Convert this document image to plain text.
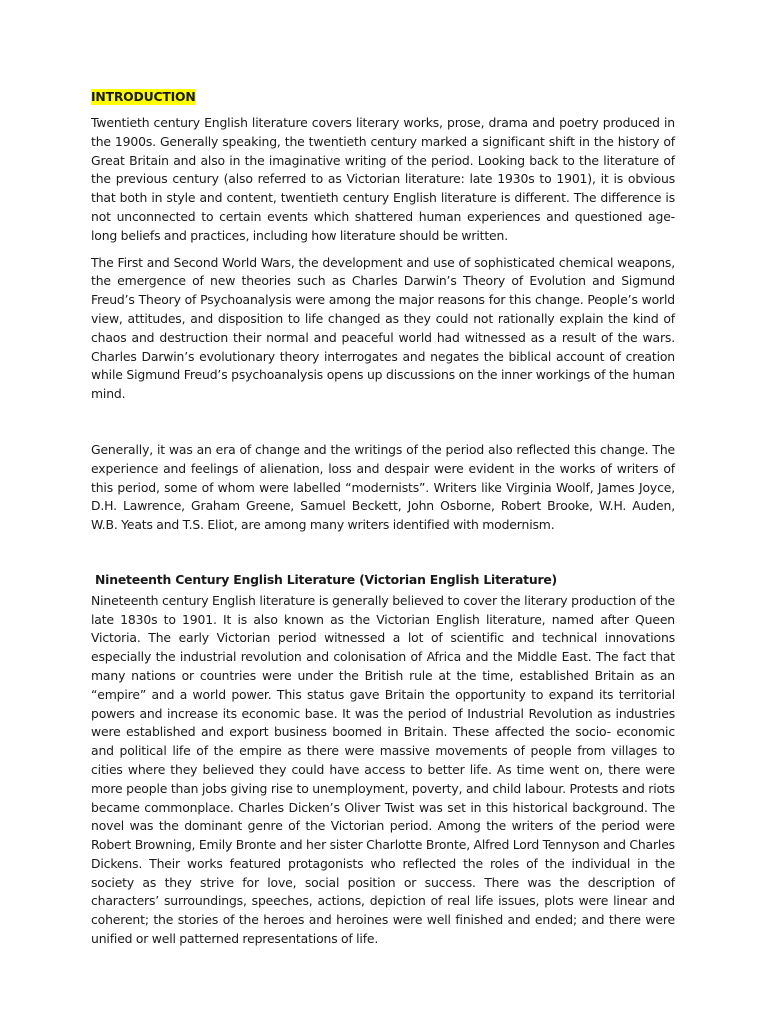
INTRODUCTION

Twentieth century English literature covers literary works, prose, drama and poetry produced in the 1900s. Generally speaking, the twentieth century marked a significant shift in the history of Great Britain and also in the imaginative writing of the period. Looking back to the literature of the previous century (also referred to as Victorian literature: late 1930s to 1901), it is obvious that both in style and content, twentieth century English literature is different. The difference is not unconnected to certain events which shattered human experiences and questioned age-long beliefs and practices, including how literature should be written.

The First and Second World Wars, the development and use of sophisticated chemical weapons, the emergence of new theories such as Charles Darwin’s Theory of Evolution and Sigmund Freud’s Theory of Psychoanalysis were among the major reasons for this change. People’s world view, attitudes, and disposition to life changed as they could not rationally explain the kind of chaos and destruction their normal and peaceful world had witnessed as a result of the wars. Charles Darwin’s evolutionary theory interrogates and negates the biblical account of creation while Sigmund Freud’s psychoanalysis opens up discussions on the inner workings of the human mind.

Generally, it was an era of change and the writings of the period also reflected this change. The experience and feelings of alienation, loss and despair were evident in the works of writers of this period, some of whom were labelled “modernists”. Writers like Virginia Woolf, James Joyce, D.H. Lawrence, Graham Greene, Samuel Beckett, John Osborne, Robert Brooke, W.H. Auden, W.B. Yeats and T.S. Eliot, are among many writers identified with modernism.

Nineteenth Century English Literature (Victorian English Literature)

Nineteenth century English literature is generally believed to cover the literary production of the late 1830s to 1901. It is also known as the Victorian English literature, named after Queen Victoria. The early Victorian period witnessed a lot of scientific and technical innovations especially the industrial revolution and colonisation of Africa and the Middle East. The fact that many nations or countries were under the British rule at the time, established Britain as an “empire” and a world power. This status gave Britain the opportunity to expand its territorial powers and increase its economic base. It was the period of Industrial Revolution as industries were established and export business boomed in Britain. These affected the socio- economic and political life of the empire as there were massive movements of people from villages to cities where they believed they could have access to better life. As time went on, there were more people than jobs giving rise to unemployment, poverty, and child labour. Protests and riots became commonplace. Charles Dicken’s Oliver Twist was set in this historical background. The novel was the dominant genre of the Victorian period. Among the writers of the period were Robert Browning, Emily Bronte and her sister Charlotte Bronte, Alfred Lord Tennyson and Charles Dickens. Their works featured protagonists who reflected the roles of the individual in the society as they strive for love, social position or success. There was the description of characters’ surroundings, speeches, actions, depiction of real life issues, plots were linear and coherent; the stories of the heroes and heroines were well finished and ended; and there were unified or well patterned representations of life.
